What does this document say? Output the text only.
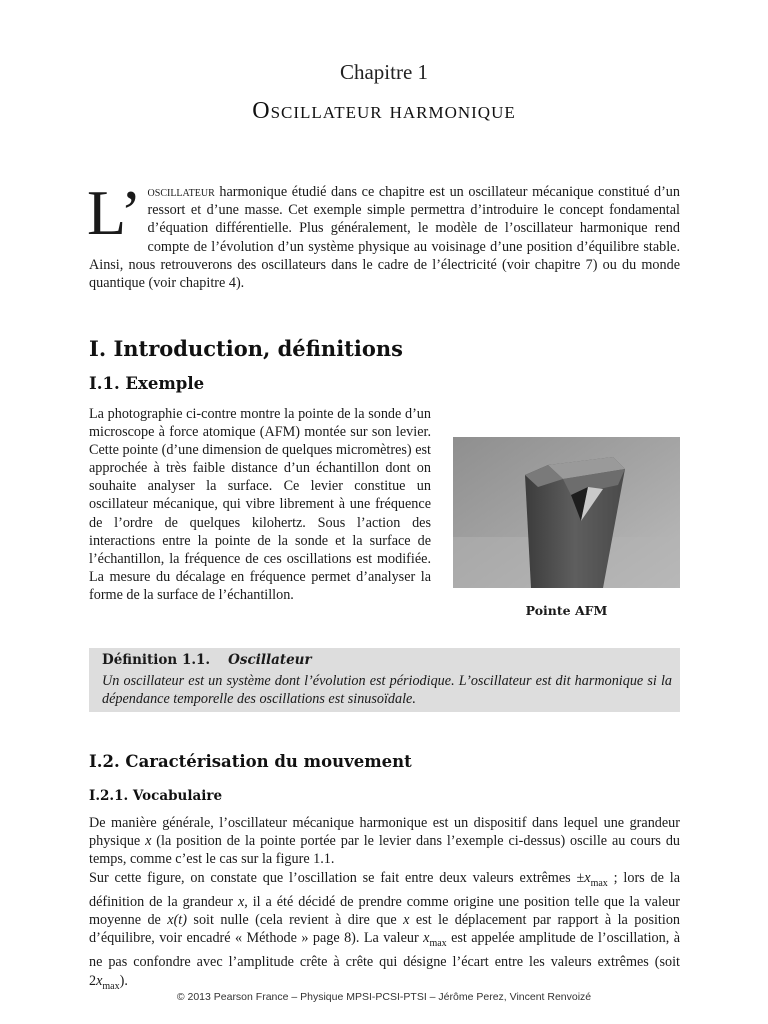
Chapitre 1
Oscillateur harmonique
L’ oscillateur harmonique étudié dans ce chapitre est un oscillateur mécanique constitué d’un ressort et d’une masse. Cet exemple simple permettra d’introduire le concept fondamental d’équation différentielle. Plus généralement, le modèle de l’oscillateur harmonique rend compte de l’évolution d’un système physique au voisinage d’une position d’équilibre stable. Ainsi, nous retrouverons des oscillateurs dans le cadre de l’électricité (voir chapitre 7) ou du monde quantique (voir chapitre 4).
I. Introduction, définitions
I.1. Exemple
La photographie ci-contre montre la pointe de la sonde d’un microscope à force atomique (AFM) montée sur son levier. Cette pointe (d’une dimension de quelques micromètres) est approchée à très faible distance d’un échantillon dont on souhaite analyser la surface. Ce levier constitue un oscillateur mécanique, qui vibre librement à une fréquence de l’ordre de quelques kilohertz. Sous l’action des interactions entre la pointe de la sonde et la surface de l’échantillon, la fréquence de ces oscillations est modifiée. La mesure du décalage en fréquence permet d’analyser la forme de la surface de l’échantillon.
Pointe AFM
Définition 1.1. Oscillateur
Un oscillateur est un système dont l’évolution est périodique. L’oscillateur est dit harmonique si la dépendance temporelle des oscillations est sinusoïdale.
I.2. Caractérisation du mouvement
I.2.1. Vocabulaire
De manière générale, l’oscillateur mécanique harmonique est un dispositif dans lequel une grandeur physique x (la position de la pointe portée par le levier dans l’exemple ci-dessus) oscille au cours du temps, comme c’est le cas sur la figure 1.1.
Sur cette figure, on constate que l’oscillation se fait entre deux valeurs extrêmes $\pm x_{max}$ ; lors de la définition de la grandeur x, il a été décidé de prendre comme origine une position telle que la valeur moyenne de x(t) soit nulle (cela revient à dire que x est le déplacement par rapport à la position d’équilibre, voir encadré « Méthode » page 8). La valeur $x_{max}$ est appelée amplitude de l’oscillation, à ne pas confondre avec l’amplitude crête à crête qui désigne l’écart entre les valeurs extrêmes (soit $2x_{max}$).
© 2013 Pearson France – Physique MPSI-PCSI-PTSI – Jérôme Perez, Vincent Renvoizé
